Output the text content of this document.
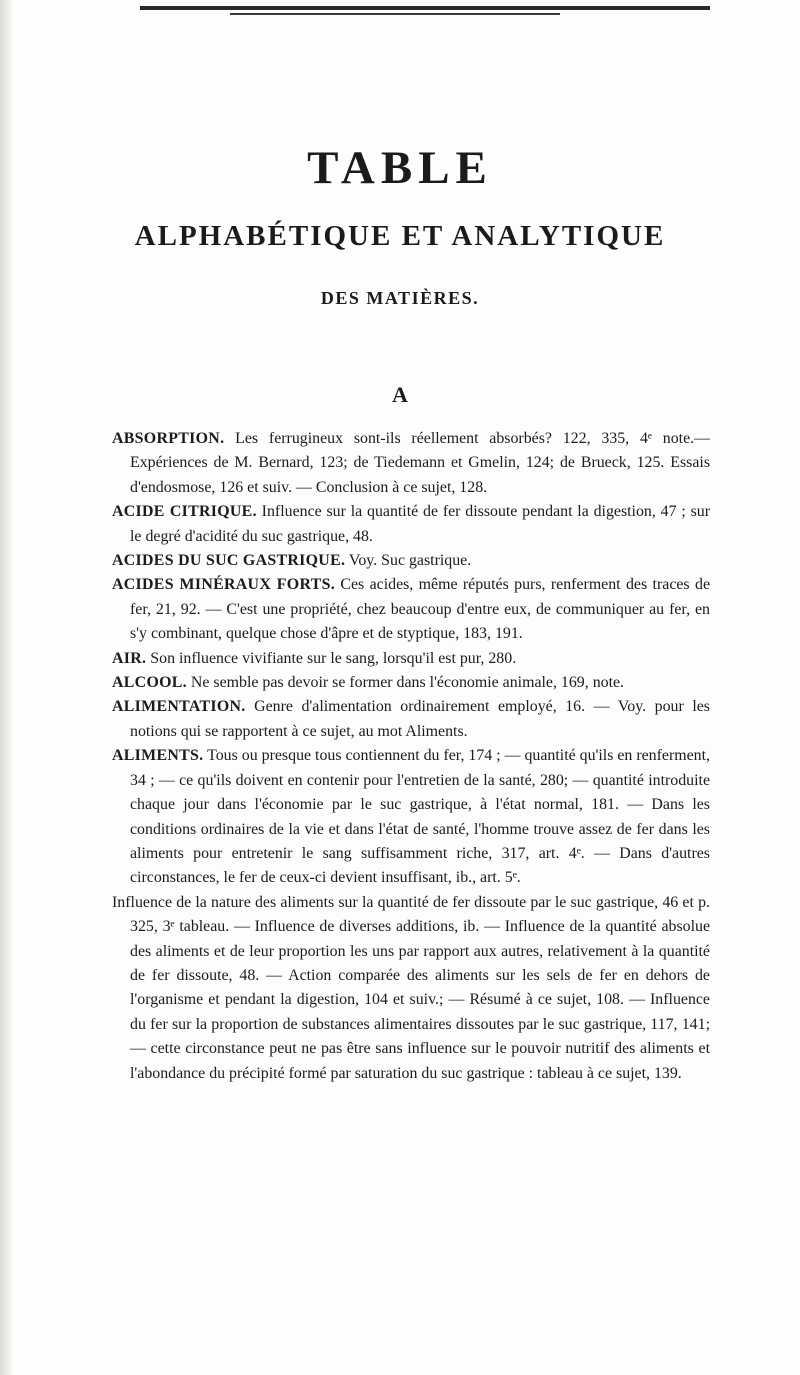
TABLE
ALPHABÉTIQUE ET ANALYTIQUE
DES MATIÈRES.
A

ABSORPTION. Les ferrugineux sont-ils réellement absorbés? 122, 335, 4ᵉ note.— Expériences de M. Bernard, 123; de Tiedemann et Gmelin, 124; de Brueck, 125. Essais d'endosmose, 126 et suiv. — Conclusion à ce sujet, 128.

ACIDE CITRIQUE. Influence sur la quantité de fer dissoute pendant la digestion, 47 ; sur le degré d'acidité du suc gastrique, 48.

ACIDES DU SUC GASTRIQUE. Voy. Suc gastrique.

ACIDES MINÉRAUX FORTS. Ces acides, même réputés purs, renferment des traces de fer, 21, 92. — C'est une propriété, chez beaucoup d'entre eux, de communiquer au fer, en s'y combinant, quelque chose d'âpre et de styptique, 183, 191.

AIR. Son influence vivifiante sur le sang, lorsqu'il est pur, 280.

ALCOOL. Ne semble pas devoir se former dans l'économie animale, 169, note.

ALIMENTATION. Genre d'alimentation ordinairement employé, 16. — Voy. pour les notions qui se rapportent à ce sujet, au mot Aliments.

ALIMENTS. Tous ou presque tous contiennent du fer, 174 ; — quantité qu'ils en renferment, 34 ; — ce qu'ils doivent en contenir pour l'entretien de la santé, 280; — quantité introduite chaque jour dans l'économie par le suc gastrique, à l'état normal, 181. — Dans les conditions ordinaires de la vie et dans l'état de santé, l'homme trouve assez de fer dans les aliments pour entretenir le sang suffisamment riche, 317, art. 4ᵉ. — Dans d'autres circonstances, le fer de ceux-ci devient insuffisant, ib., art. 5ᵉ.

Influence de la nature des aliments sur la quantité de fer dissoute par le suc gastrique, 46 et p. 325, 3ᵉ tableau. — Influence de diverses additions, ib. — Influence de la quantité absolue des aliments et de leur proportion les uns par rapport aux autres, relativement à la quantité de fer dissoute, 48. — Action comparée des aliments sur les sels de fer en dehors de l'organisme et pendant la digestion, 104 et suiv.; — Résumé à ce sujet, 108. — Influence du fer sur la proportion de substances alimentaires dissoutes par le suc gastrique, 117, 141; — cette circonstance peut ne pas être sans influence sur le pouvoir nutritif des aliments et l'abondance du précipité formé par saturation du suc gastrique : tableau à ce sujet, 139.
